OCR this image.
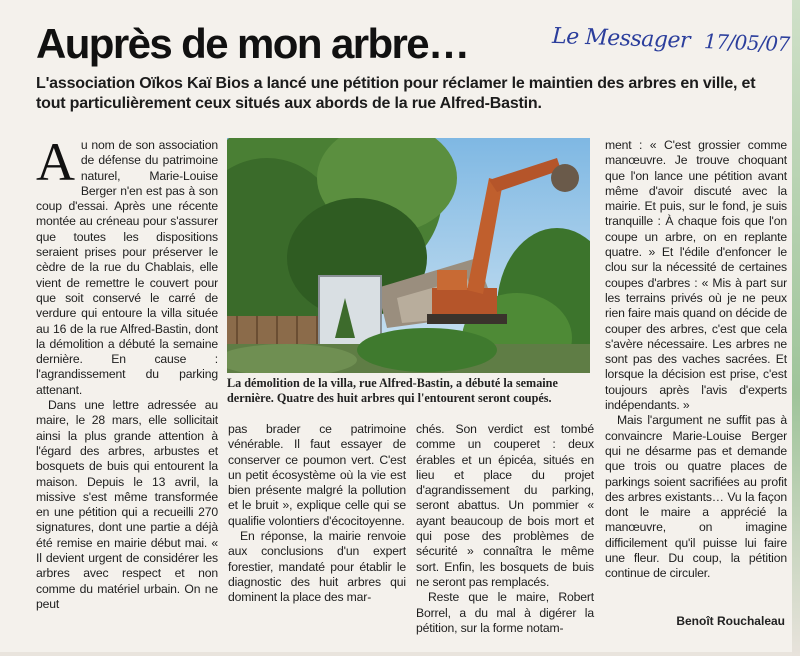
Auprès de mon arbre…	Le Messager 17/05/07
L'association Oïkos Kaï Bios a lancé une pétition pour réclamer le maintien des arbres en ville, et tout particulièrement ceux situés aux abords de la rue Alfred-Bastin.

Au nom de son association de défense du patrimoine naturel, Marie-Louise Berger n'en est pas à son coup d'essai. Après une récente montée au créneau pour s'assurer que toutes les dispositions seraient prises pour préserver le cèdre de la rue du Chablais, elle vient de remettre le couvert pour que soit conservé le carré de verdure qui entoure la villa située au 16 de la rue Alfred-Bastin, dont la démolition a débuté la semaine dernière. En cause : l'agrandissement du parking attenant.

Dans une lettre adressée au maire, le 28 mars, elle sollicitait ainsi la plus grande attention à l'égard des arbres, arbustes et bosquets de buis qui entourent la maison. Depuis le 13 avril, la missive s'est même transformée en une pétition qui a recueilli 270 signatures, dont une partie a déjà été remise en mairie début mai. « Il devient urgent de considérer les arbres avec respect et non comme du matériel urbain. On ne peut

La démolition de la villa, rue Alfred-Bastin, a débuté la semaine dernière. Quatre des huit arbres qui l'entourent seront coupés.

pas brader ce patrimoine vénérable. Il faut essayer de conserver ce poumon vert. C'est un petit écosystème où la vie est bien présente malgré la pollution et le bruit », explique celle qui se qualifie volontiers d'écocitoyenne.

En réponse, la mairie renvoie aux conclusions d'un expert forestier, mandaté pour établir le diagnostic des huit arbres qui dominent la place des mar-

chés. Son verdict est tombé comme un couperet : deux érables et un épicéa, situés en lieu et place du projet d'agrandissement du parking, seront abattus. Un pommier « ayant beaucoup de bois mort et qui pose des problèmes de sécurité » connaîtra le même sort. Enfin, les bosquets de buis ne seront pas remplacés.

Reste que le maire, Robert Borrel, a du mal à digérer la pétition, sur la forme notam-

ment : « C'est grossier comme manœuvre. Je trouve choquant que l'on lance une pétition avant même d'avoir discuté avec la mairie. Et puis, sur le fond, je suis tranquille : À chaque fois que l'on coupe un arbre, on en replante quatre. » Et l'édile d'enfoncer le clou sur la nécessité de certaines coupes d'arbres : « Mis à part sur les terrains privés où je ne peux rien faire mais quand on décide de couper des arbres, c'est que cela s'avère nécessaire. Les arbres ne sont pas des vaches sacrées. Et lorsque la décision est prise, c'est toujours après l'avis d'experts indépendants. »

Mais l'argument ne suffit pas à convaincre Marie-Louise Berger qui ne désarme pas et demande que trois ou quatre places de parkings soient sacrifiées au profit des arbres existants… Vu la façon dont le maire a apprécié la manœuvre, on imagine difficilement qu'il puisse lui faire une fleur. Du coup, la pétition continue de circuler.

Benoît Rouchaleau
